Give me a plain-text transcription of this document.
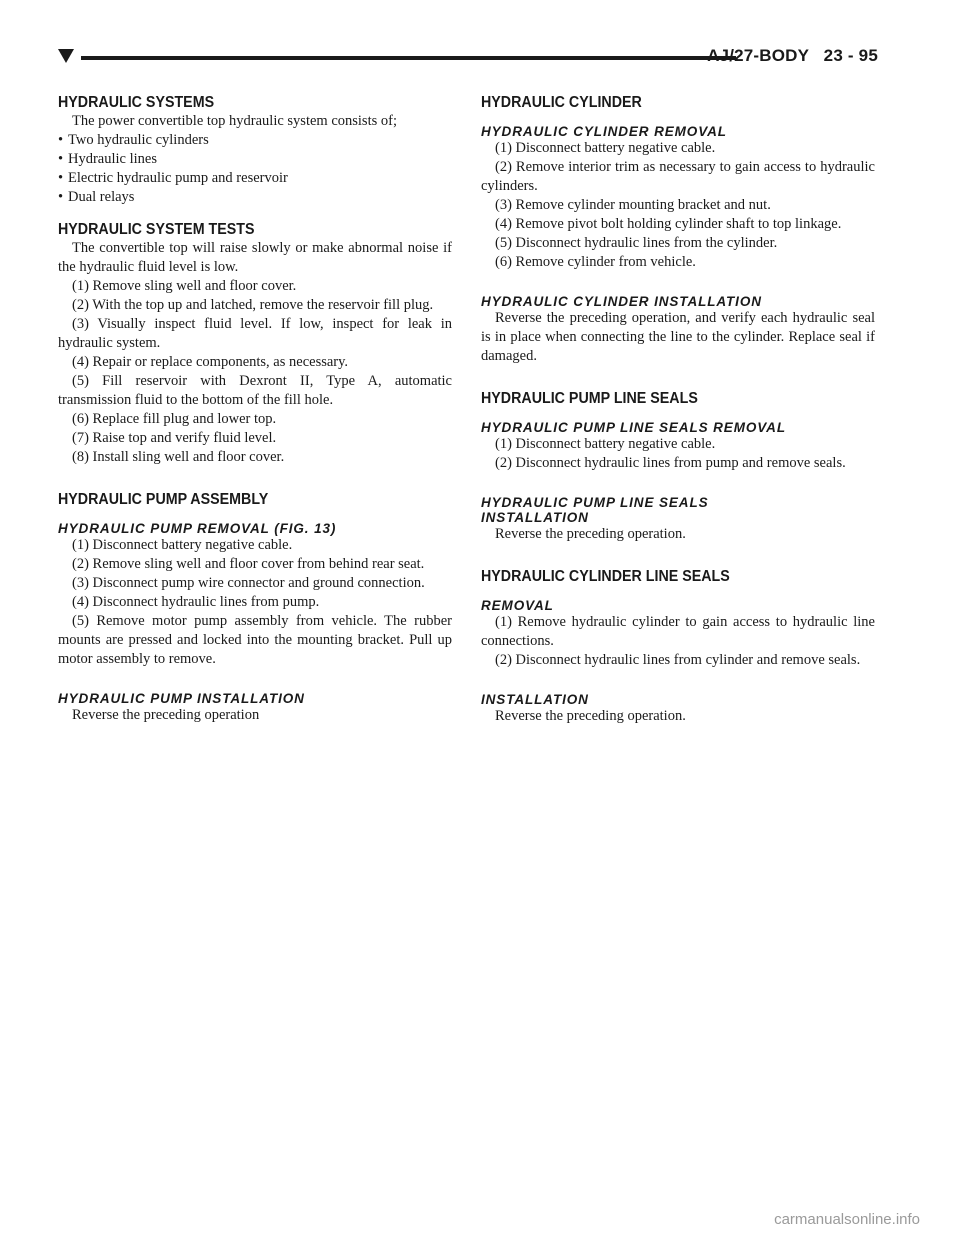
AJ/27-BODY   23 - 95
HYDRAULIC SYSTEMS

The power convertible top hydraulic system consists of;

• Two hydraulic cylinders
• Hydraulic lines
• Electric hydraulic pump and reservoir
• Dual relays
HYDRAULIC SYSTEM TESTS

The convertible top will raise slowly or make abnormal noise if the hydraulic fluid level is low.

(1) Remove sling well and floor cover.

(2) With the top up and latched, remove the reservoir fill plug.

(3) Visually inspect fluid level. If low, inspect for leak in hydraulic system.

(4) Repair or replace components, as necessary.

(5) Fill reservoir with Dexront II, Type A, automatic transmission fluid to the bottom of the fill hole.

(6) Replace fill plug and lower top.

(7) Raise top and verify fluid level.

(8) Install sling well and floor cover.

HYDRAULIC PUMP ASSEMBLY
HYDRAULIC PUMP REMOVAL (FIG. 13)

(1) Disconnect battery negative cable.

(2) Remove sling well and floor cover from behind rear seat.

(3) Disconnect pump wire connector and ground connection.

(4) Disconnect hydraulic lines from pump.

(5) Remove motor pump assembly from vehicle. The rubber mounts are pressed and locked into the mounting bracket. Pull up motor assembly to remove.

HYDRAULIC PUMP INSTALLATION

Reverse the preceding operation

HYDRAULIC CYLINDER
HYDRAULIC CYLINDER REMOVAL

(1) Disconnect battery negative cable.

(2) Remove interior trim as necessary to gain access to hydraulic cylinders.

(3) Remove cylinder mounting bracket and nut.

(4) Remove pivot bolt holding cylinder shaft to top linkage.

(5) Disconnect hydraulic lines from the cylinder.

(6) Remove cylinder from vehicle.

HYDRAULIC CYLINDER INSTALLATION

Reverse the preceding operation, and verify each hydraulic seal is in place when connecting the line to the cylinder. Replace seal if damaged.

HYDRAULIC PUMP LINE SEALS
HYDRAULIC PUMP LINE SEALS REMOVAL

(1) Disconnect battery negative cable.

(2) Disconnect hydraulic lines from pump and remove seals.

HYDRAULIC PUMP LINE SEALS INSTALLATION

Reverse the preceding operation.

HYDRAULIC CYLINDER LINE SEALS
REMOVAL

(1) Remove hydraulic cylinder to gain access to hydraulic line connections.

(2) Disconnect hydraulic lines from cylinder and remove seals.

INSTALLATION

Reverse the preceding operation.

carmanualsonline.info
